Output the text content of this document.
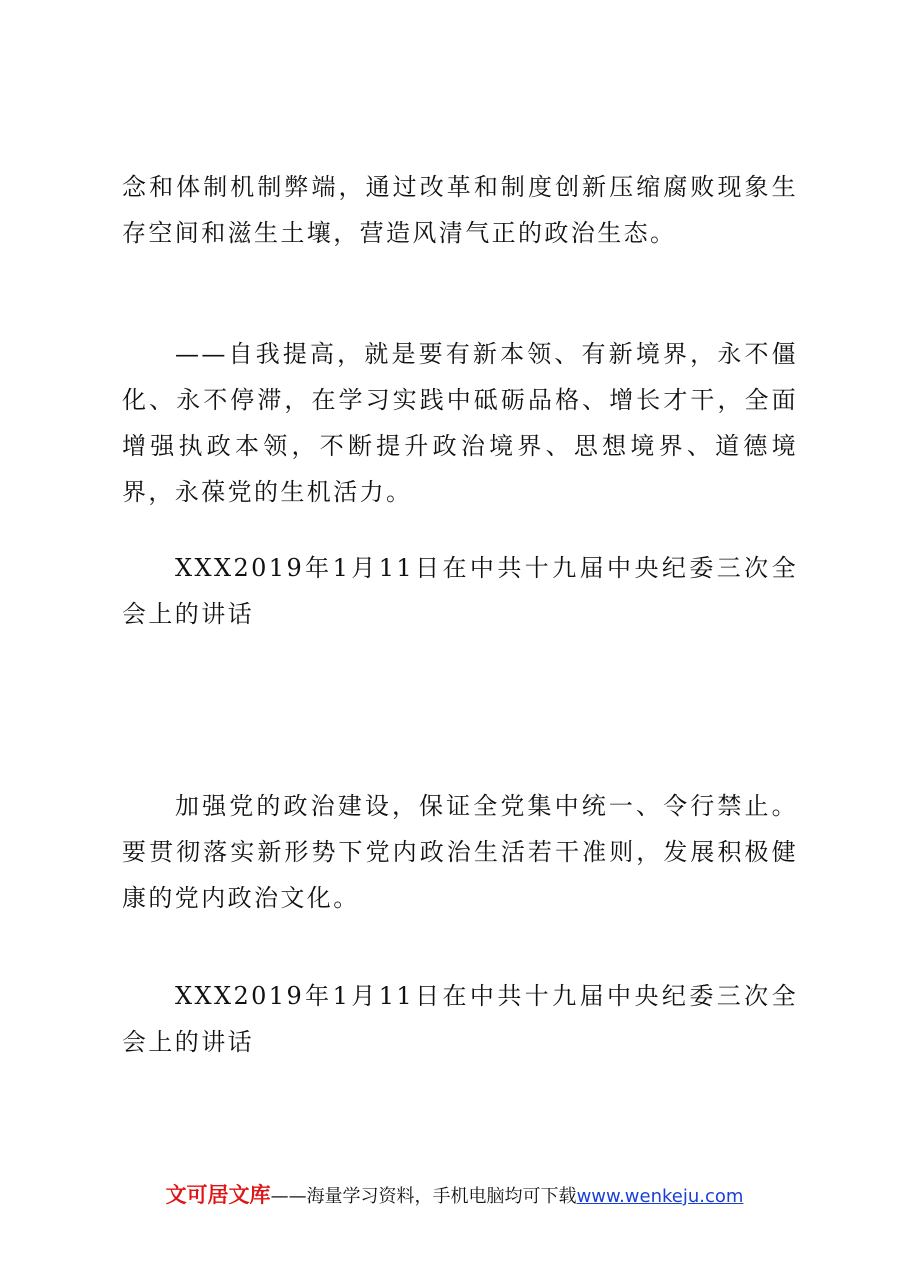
念和体制机制弊端，通过改革和制度创新压缩腐败现象生存空间和滋生土壤，营造风清气正的政治生态。

——自我提高，就是要有新本领、有新境界，永不僵化、永不停滞，在学习实践中砥砺品格、增长才干，全面增强执政本领，不断提升政治境界、思想境界、道德境界，永葆党的生机活力。

XXX2019年1月11日在中共十九届中央纪委三次全会上的讲话

加强党的政治建设，保证全党集中统一、令行禁止。要贯彻落实新形势下党内政治生活若干准则，发展积极健康的党内政治文化。

XXX2019年1月11日在中共十九届中央纪委三次全会上的讲话

文可居文库——海量学习资料，手机电脑均可下载www.wenkeju.com
